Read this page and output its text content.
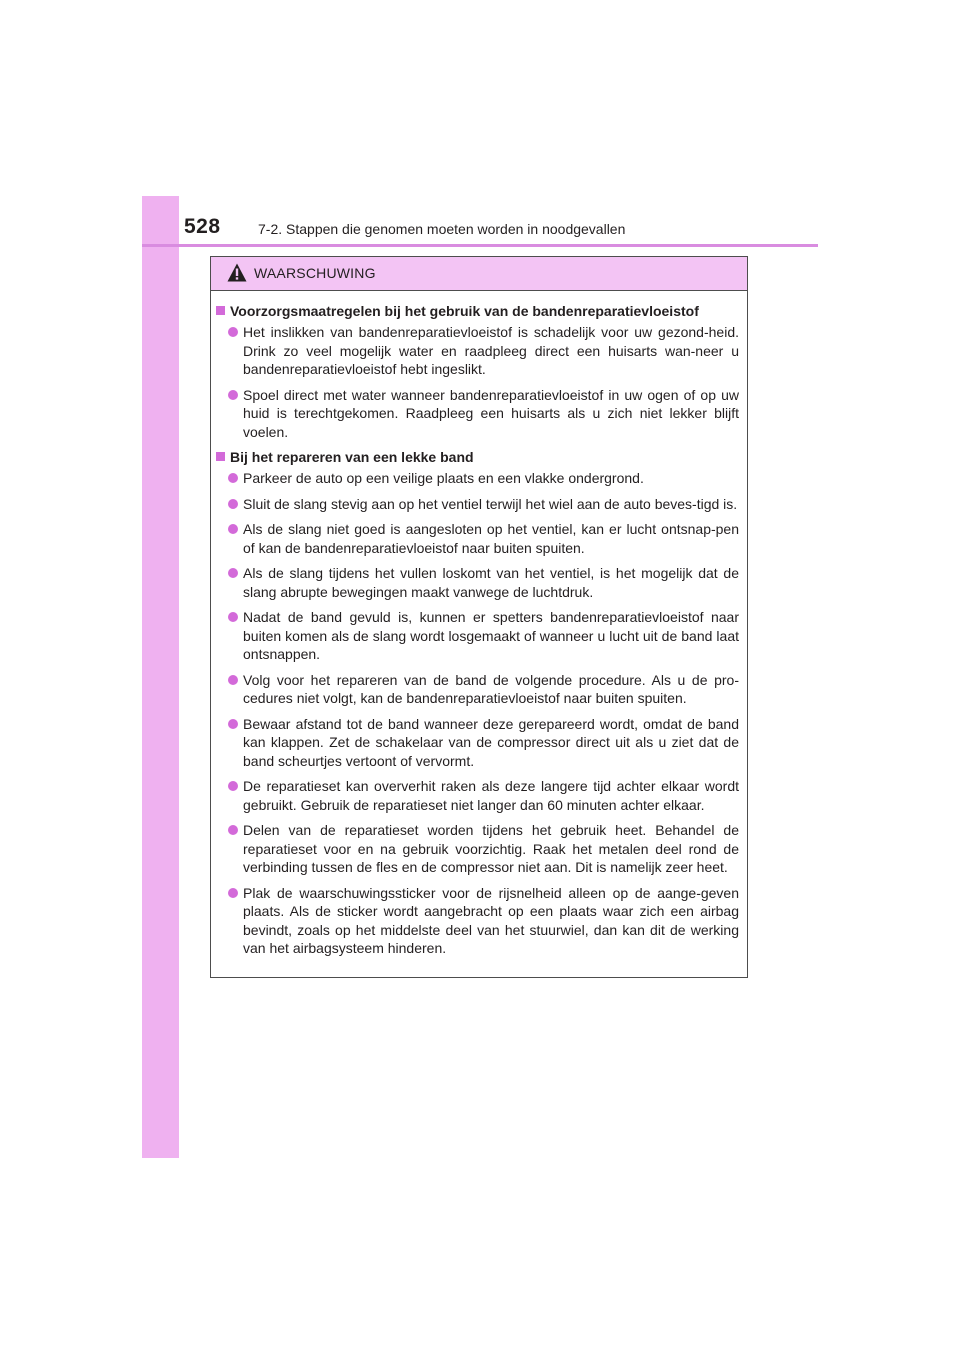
528	7-2. Stappen die genomen moeten worden in noodgevallen
WAARSCHUWING
Voorzorgsmaatregelen bij het gebruik van de bandenreparatievloeistof
Het inslikken van bandenreparatievloeistof is schadelijk voor uw gezond-heid. Drink zo veel mogelijk water en raadpleeg direct een huisarts wan-neer u bandenreparatievloeistof hebt ingeslikt.
Spoel direct met water wanneer bandenreparatievloeistof in uw ogen of op uw huid is terechtgekomen. Raadpleeg een huisarts als u zich niet lekker blijft voelen.
Bij het repareren van een lekke band
Parkeer de auto op een veilige plaats en een vlakke ondergrond.
Sluit de slang stevig aan op het ventiel terwijl het wiel aan de auto beves-tigd is.
Als de slang niet goed is aangesloten op het ventiel, kan er lucht ontsnap-pen of kan de bandenreparatievloeistof naar buiten spuiten.
Als de slang tijdens het vullen loskomt van het ventiel, is het mogelijk dat de slang abrupte bewegingen maakt vanwege de luchtdruk.
Nadat de band gevuld is, kunnen er spetters bandenreparatievloeistof naar buiten komen als de slang wordt losgemaakt of wanneer u lucht uit de band laat ontsnappen.
Volg voor het repareren van de band de volgende procedure. Als u de pro-cedures niet volgt, kan de bandenreparatievloeistof naar buiten spuiten.
Bewaar afstand tot de band wanneer deze gerepareerd wordt, omdat de band kan klappen. Zet de schakelaar van de compressor direct uit als u ziet dat de band scheurtjes vertoont of vervormt.
De reparatieset kan oververhit raken als deze langere tijd achter elkaar wordt gebruikt. Gebruik de reparatieset niet langer dan 60 minuten achter elkaar.
Delen van de reparatieset worden tijdens het gebruik heet. Behandel de reparatieset voor en na gebruik voorzichtig. Raak het metalen deel rond de verbinding tussen de fles en de compressor niet aan. Dit is namelijk zeer heet.
Plak de waarschuwingssticker voor de rijsnelheid alleen op de aange-geven plaats. Als de sticker wordt aangebracht op een plaats waar zich een airbag bevindt, zoals op het middelste deel van het stuurwiel, dan kan dit de werking van het airbagsysteem hinderen.
